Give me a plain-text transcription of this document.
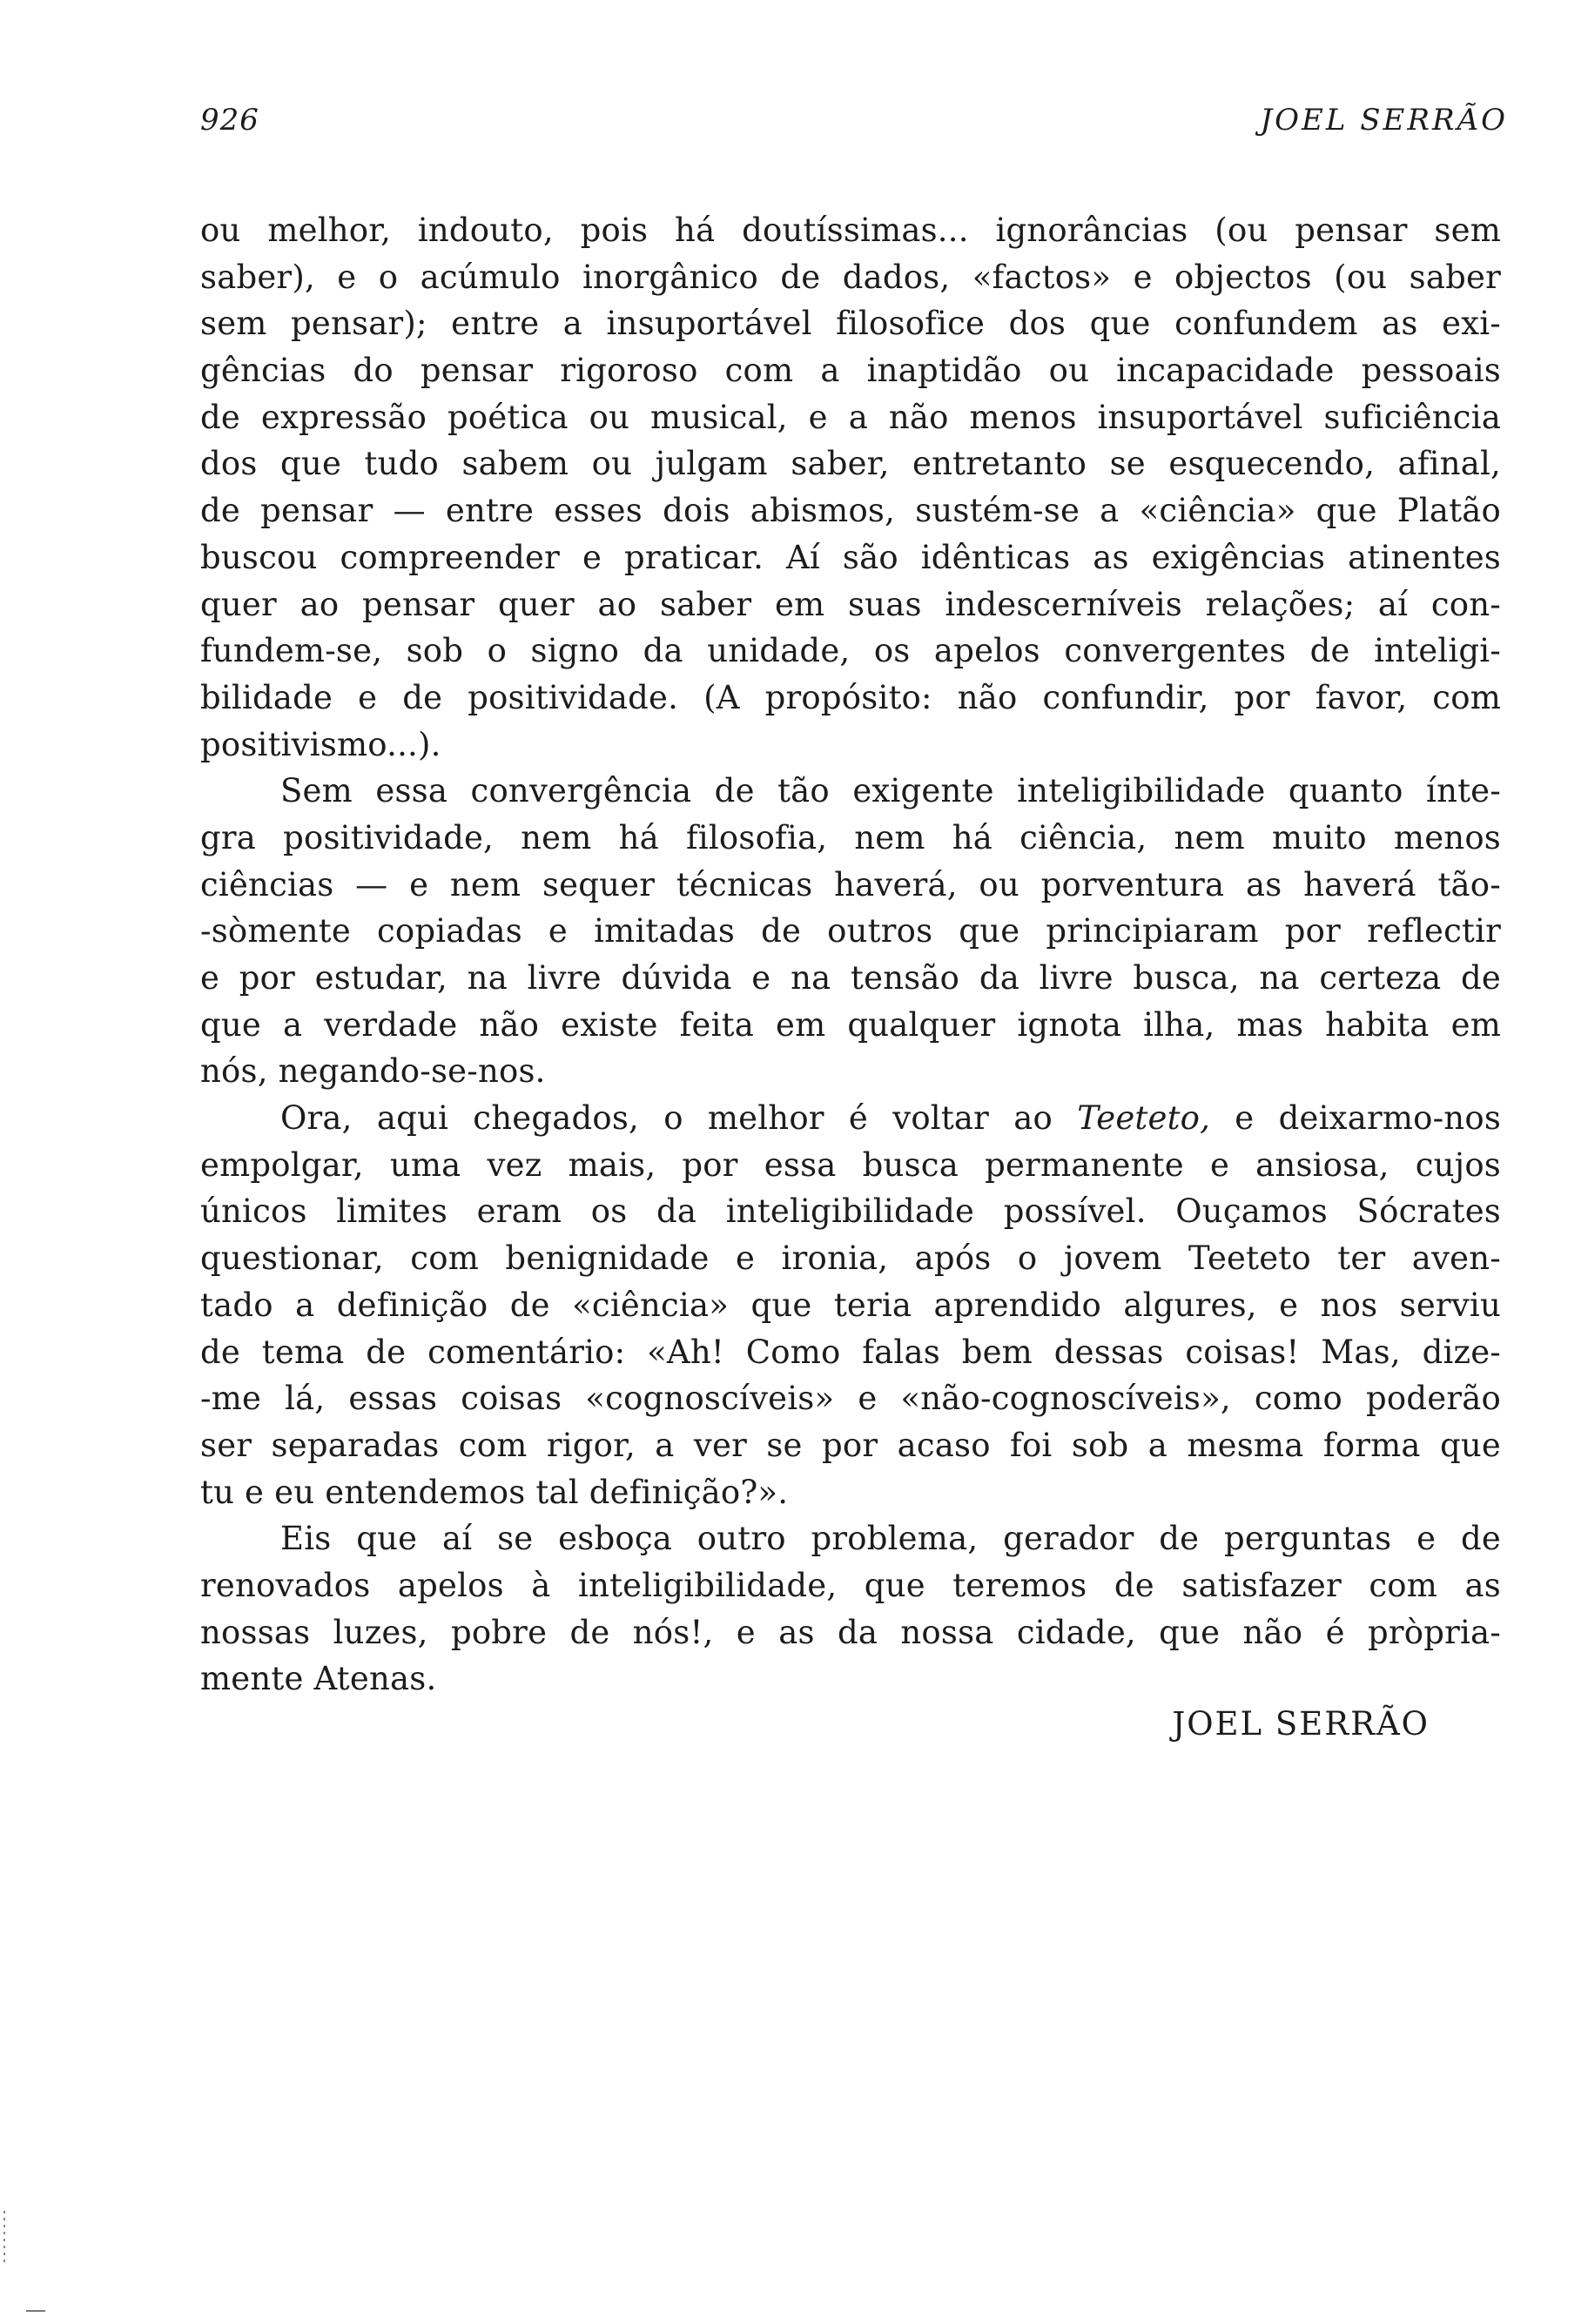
926	JOEL SERRÃO
ou melhor, indouto, pois há doutíssimas... ignorâncias (ou pensar sem
saber), e o acúmulo inorgânico de dados, «factos» e objectos (ou saber
sem pensar); entre a insuportável filosofice dos que confundem as exi-
gências do pensar rigoroso com a inaptidão ou incapacidade pessoais
de expressão poética ou musical, e a não menos insuportável suficiência
dos que tudo sabem ou julgam saber, entretanto se esquecendo, afinal,
de pensar — entre esses dois abismos, sustém-se a «ciência» que Platão
buscou compreender e praticar. Aí são idênticas as exigências atinentes
quer ao pensar quer ao saber em suas indescerníveis relações; aí con-
fundem-se, sob o signo da unidade, os apelos convergentes de inteligi-
bilidade e de positividade. (A propósito: não confundir, por favor, com
positivismo...).
Sem essa convergência de tão exigente inteligibilidade quanto ínte-
gra positividade, nem há filosofia, nem há ciência, nem muito menos
ciências — e nem sequer técnicas haverá, ou porventura as haverá tão-
-sòmente copiadas e imitadas de outros que principiaram por reflectir
e por estudar, na livre dúvida e na tensão da livre busca, na certeza de
que a verdade não existe feita em qualquer ignota ilha, mas habita em
nós, negando-se-nos.
Ora, aqui chegados, o melhor é voltar ao Teeteto, e deixarmo-nos
empolgar, uma vez mais, por essa busca permanente e ansiosa, cujos
únicos limites eram os da inteligibilidade possível. Ouçamos Sócrates
questionar, com benignidade e ironia, após o jovem Teeteto ter aven-
tado a definição de «ciência» que teria aprendido algures, e nos serviu
de tema de comentário: «Ah! Como falas bem dessas coisas! Mas, dize-
-me lá, essas coisas «cognoscíveis» e «não-cognoscíveis», como poderão
ser separadas com rigor, a ver se por acaso foi sob a mesma forma que
tu e eu entendemos tal definição?».
Eis que aí se esboça outro problema, gerador de perguntas e de
renovados apelos à inteligibilidade, que teremos de satisfazer com as
nossas luzes, pobre de nós!, e as da nossa cidade, que não é pròpria-
mente Atenas.
JOEL SERRÃO
